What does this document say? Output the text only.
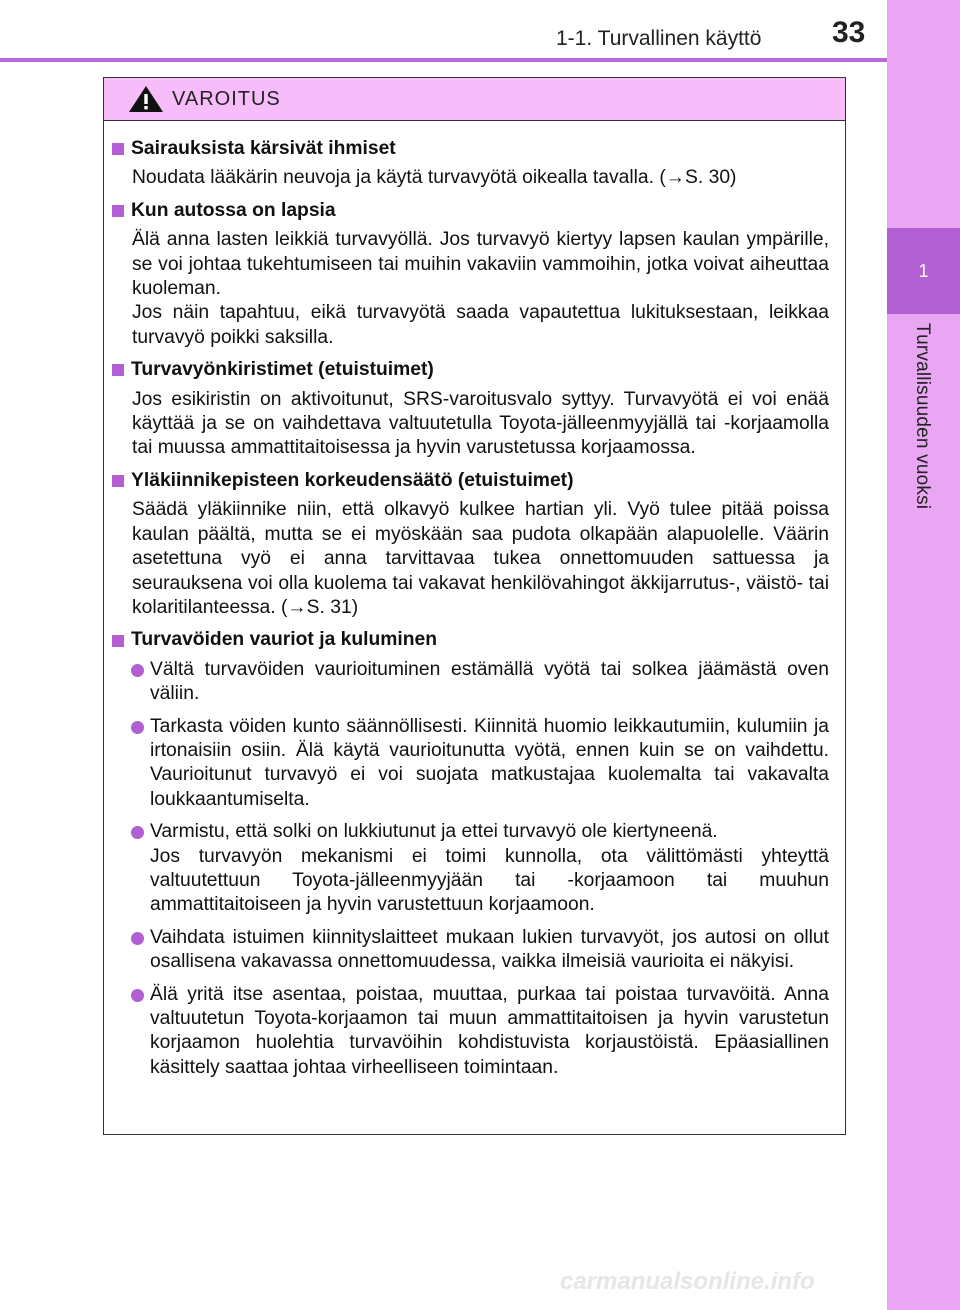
1-1. Turvallinen käyttö 33
1
Turvallisuuden vuoksi
VAROITUS
Sairauksista kärsivät ihmiset
Noudata lääkärin neuvoja ja käytä turvavyötä oikealla tavalla. (→S. 30)
Kun autossa on lapsia
Älä anna lasten leikkiä turvavyöllä. Jos turvavyö kiertyy lapsen kaulan ympärille, se voi johtaa tukehtumiseen tai muihin vakaviin vammoihin, jotka voivat aiheuttaa kuoleman.
Jos näin tapahtuu, eikä turvavyötä saada vapautettua lukituksestaan, leikkaa turvavyö poikki saksilla.
Turvavyönkiristimet (etuistuimet)
Jos esikiristin on aktivoitunut, SRS-varoitusvalo syttyy. Turvavyötä ei voi enää käyttää ja se on vaihdettava valtuutetulla Toyota-jälleenmyyjällä tai -korjaamolla tai muussa ammattitaitoisessa ja hyvin varustetussa korjaamossa.
Yläkiinnikepisteen korkeudensäätö (etuistuimet)
Säädä yläkiinnike niin, että olkavyö kulkee hartian yli. Vyö tulee pitää poissa kaulan päältä, mutta se ei myöskään saa pudota olkapään alapuolelle. Väärin asetettuna vyö ei anna tarvittavaa tukea onnettomuuden sattuessa ja seurauksena voi olla kuolema tai vakavat henkilövahingot äkkijarrutus-, väistö- tai kolaritilanteessa. (→S. 31)
Turvavöiden vauriot ja kuluminen
Vältä turvavöiden vaurioituminen estämällä vyötä tai solkea jäämästä oven väliin.
Tarkasta vöiden kunto säännöllisesti. Kiinnitä huomio leikkautumiin, kulumiin ja irtonaisiin osiin. Älä käytä vaurioitunutta vyötä, ennen kuin se on vaihdettu. Vaurioitunut turvavyö ei voi suojata matkustajaa kuolemalta tai vakavalta loukkaantumiselta.
Varmistu, että solki on lukkiutunut ja ettei turvavyö ole kiertyneenä.
Jos turvavyön mekanismi ei toimi kunnolla, ota välittömästi yhteyttä valtuutettuun Toyota-jälleenmyyjään tai -korjaamoon tai muuhun ammattitaitoiseen ja hyvin varustettuun korjaamoon.
Vaihdata istuimen kiinnityslaitteet mukaan lukien turvavyöt, jos autosi on ollut osallisena vakavassa onnettomuudessa, vaikka ilmeisiä vaurioita ei näkyisi.
Älä yritä itse asentaa, poistaa, muuttaa, purkaa tai poistaa turvavöitä. Anna valtuutetun Toyota-korjaamon tai muun ammattitaitoisen ja hyvin varustetun korjaamon huolehtia turvavöihin kohdistuvista korjaustöistä. Epäasiallinen käsittely saattaa johtaa virheelliseen toimintaan.
carmanualsonline.info
